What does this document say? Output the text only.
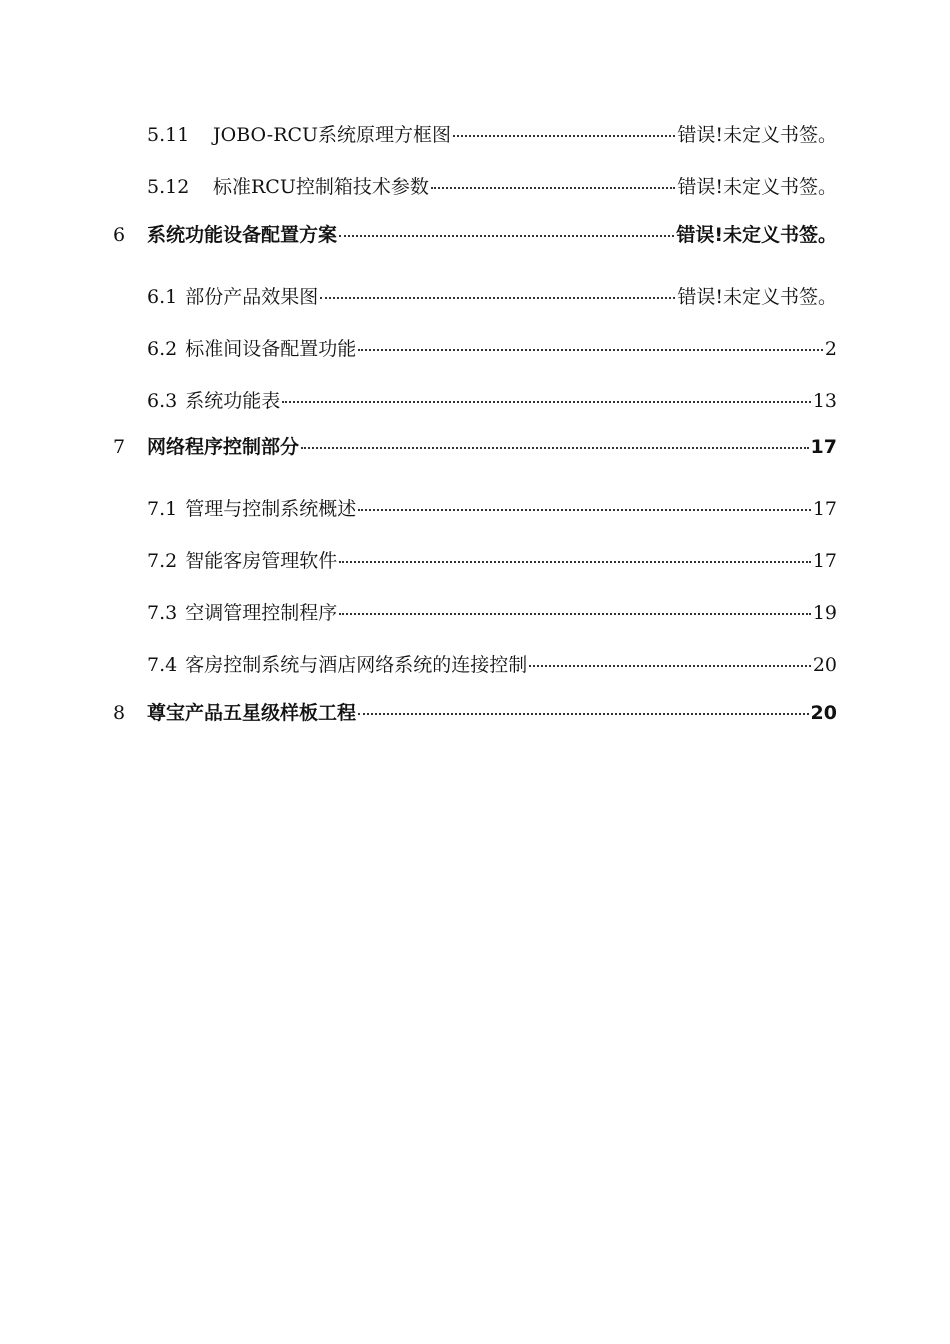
5.11	JOBO-RCU系统原理方框图	错误!未定义书签。
5.12	标准RCU控制箱技术参数	错误!未定义书签。
6	系统功能设备配置方案	错误!未定义书签。
6.1 部份产品效果图	错误!未定义书签。
6.2 标准间设备配置功能	2
6.3 系统功能表	13
7	网络程序控制部分	17
7.1 管理与控制系统概述	17
7.2 智能客房管理软件	17
7.3 空调管理控制程序	19
7.4 客房控制系统与酒店网络系统的连接控制	20
8	尊宝产品五星级样板工程	20
